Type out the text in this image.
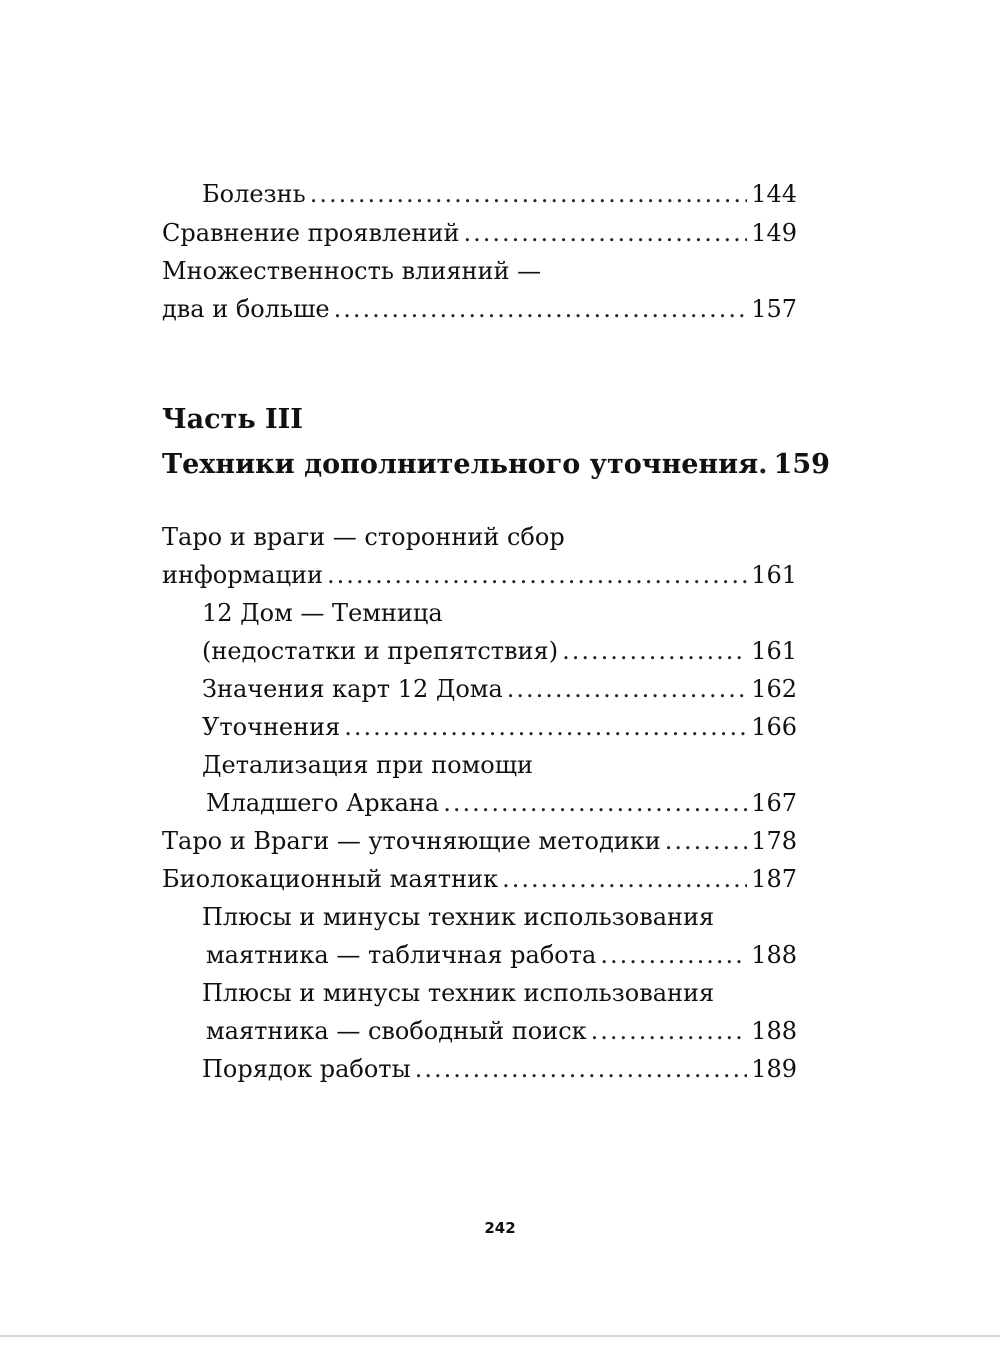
Болезнь .....	144
Сравнение проявлений .....	149
Множественность влияний —
два и больше .....	157
Часть III
Техники дополнительного уточнения . 159
Таро и враги — сторонний сбор
информации .....	161
12 Дом — Темница
(недостатки и препятствия) .....	161
Значения карт 12 Дома .....	162
Уточнения .....	166
Детализация при помощи
Младшего Аркана .....	167
Таро и Враги — уточняющие методики .....	178
Биолокационный маятник .....	187
Плюсы и минусы техник использования
маятника — табличная работа .....	188
Плюсы и минусы техник использования
маятника — свободный поиск .....	188
Порядок работы .....	189
242
